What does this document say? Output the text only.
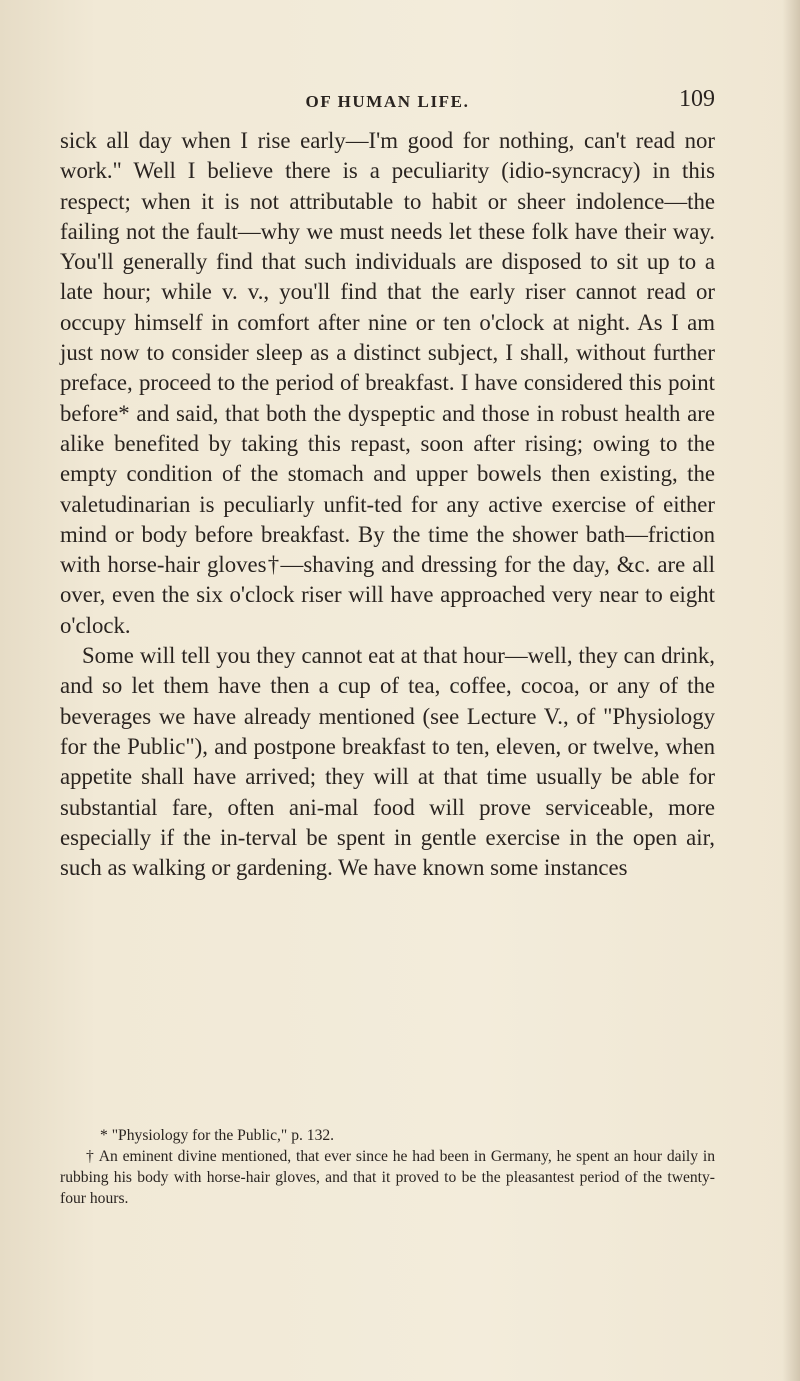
OF HUMAN LIFE.	109

sick all day when I rise early—I'm good for nothing, can't read nor work." Well I believe there is a peculiarity (idio-syncracy) in this respect; when it is not attributable to habit or sheer indolence—the failing not the fault—why we must needs let these folk have their way. You'll generally find that such individuals are disposed to sit up to a late hour; while v. v., you'll find that the early riser cannot read or occupy himself in comfort after nine or ten o'clock at night. As I am just now to consider sleep as a distinct subject, I shall, without further preface, proceed to the period of breakfast. I have considered this point before* and said, that both the dyspeptic and those in robust health are alike benefited by taking this repast, soon after rising; owing to the empty condition of the stomach and upper bowels then existing, the valetudinarian is peculiarly unfit-ted for any active exercise of either mind or body before breakfast. By the time the shower bath—friction with horse-hair gloves†—shaving and dressing for the day, &c. are all over, even the six o'clock riser will have approached very near to eight o'clock.

Some will tell you they cannot eat at that hour—well, they can drink, and so let them have then a cup of tea, coffee, cocoa, or any of the beverages we have already mentioned (see Lecture V., of "Physiology for the Public"), and postpone breakfast to ten, eleven, or twelve, when appetite shall have arrived; they will at that time usually be able for substantial fare, often ani-mal food will prove serviceable, more especially if the in-terval be spent in gentle exercise in the open air, such as walking or gardening. We have known some instances

* "Physiology for the Public," p. 132.

† An eminent divine mentioned, that ever since he had been in Germany, he spent an hour daily in rubbing his body with horse-hair gloves, and that it proved to be the pleasantest period of the twenty-four hours.
